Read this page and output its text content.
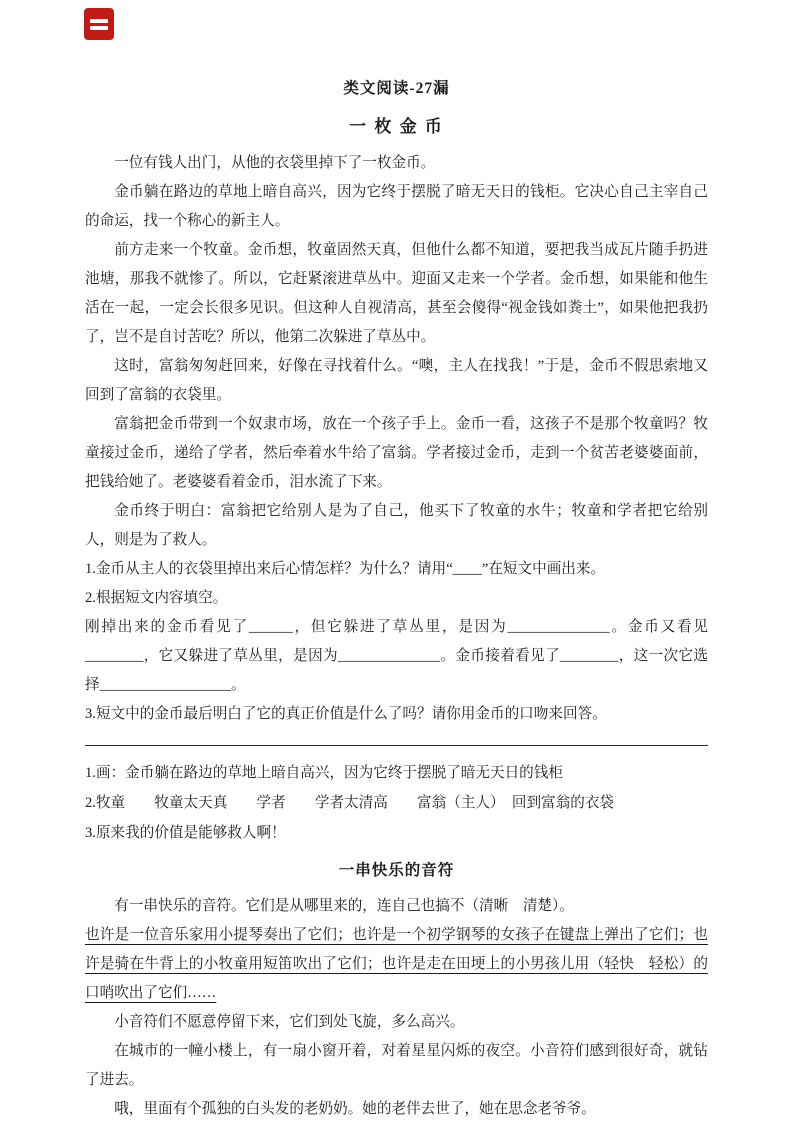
类文阅读-27漏
一 枚 金 币

一位有钱人出门，从他的衣袋里掉下了一枚金币。

金币躺在路边的草地上暗自高兴，因为它终于摆脱了暗无天日的钱柜。它决心自己主宰自己的命运，找一个称心的新主人。

前方走来一个牧童。金币想，牧童固然天真，但他什么都不知道，要把我当成瓦片随手扔进池塘，那我不就惨了。所以，它赶紧滚进草丛中。迎面又走来一个学者。金币想，如果能和他生活在一起，一定会长很多见识。但这种人自视清高，甚至会傻得“视金钱如粪土”，如果他把我扔了，岂不是自讨苦吃？所以，他第二次躲进了草丛中。

这时，富翁匆匆赶回来，好像在寻找着什么。“噢，主人在找我！”于是，金币不假思索地又回到了富翁的衣袋里。

富翁把金币带到一个奴隶市场，放在一个孩子手上。金币一看，这孩子不是那个牧童吗？牧童接过金币，递给了学者，然后牵着水牛给了富翁。学者接过金币，走到一个贫苦老婆婆面前，把钱给她了。老婆婆看着金币，泪水流了下来。

金币终于明白：富翁把它给别人是为了自己，他买下了牧童的水牛；牧童和学者把它给别人，则是为了救人。

1.金币从主人的衣袋里掉出来后心情怎样？为什么？请用“____”在短文中画出来。

2.根据短文内容填空。

刚掉出来的金币看见了______，但它躲进了草丛里，是因为______________。金币又看见________，它又躲进了草丛里，是因为______________。金币接着看见了________，这一次它选择__________________。

3.短文中的金币最后明白了它的真正价值是什么了吗？请你用金币的口吻来回答。

1.画：金币躺在路边的草地上暗自高兴，因为它终于摆脱了暗无天日的钱柜

2.牧童　　牧童太天真　　学者　　学者太清高　　富翁（主人）　回到富翁的衣袋

3.原来我的价值是能够救人啊！

一串快乐的音符

有一串快乐的音符。它们是从哪里来的，连自己也搞不（清晰　清楚）。

也许是一位音乐家用小提琴奏出了它们；也许是一个初学钢琴的女孩子在键盘上弹出了它们；也许是骑在牛背上的小牧童用短笛吹出了它们；也许是走在田埂上的小男孩儿用（轻快　轻松）的口哨吹出了它们……

小音符们不愿意停留下来，它们到处飞旋，多么高兴。

在城市的一幢小楼上，有一扇小窗开着，对着星星闪烁的夜空。小音符们感到很好奇，就钻了进去。

哦，里面有个孤独的白头发的老奶奶。她的老伴去世了，她在思念老爷爷。
